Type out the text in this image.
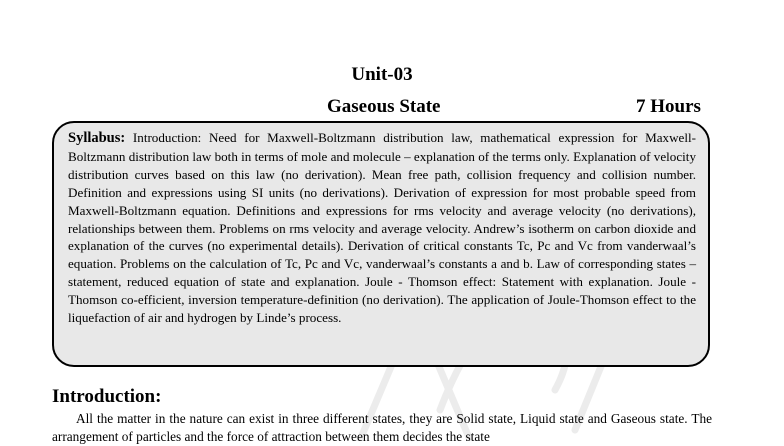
Unit-03
Gaseous State	7 Hours

Syllabus: Introduction: Need for Maxwell-Boltzmann distribution law, mathematical expression for Maxwell-Boltzmann distribution law both in terms of mole and molecule – explanation of the terms only. Explanation of velocity distribution curves based on this law (no derivation). Mean free path, collision frequency and collision number. Definition and expressions using SI units (no derivations). Derivation of expression for most probable speed from Maxwell-Boltzmann equation. Definitions and expressions for rms velocity and average velocity (no derivations), relationships between them. Problems on rms velocity and average velocity. Andrew’s isotherm on carbon dioxide and explanation of the curves (no experimental details). Derivation of critical constants Tc, Pc and Vc from vanderwaal’s equation. Problems on the calculation of Tc, Pc and Vc, vanderwaal’s constants a and b. Law of corresponding states – statement, reduced equation of state and explanation. Joule - Thomson effect: Statement with explanation. Joule - Thomson co-efficient, inversion temperature-definition (no derivation). The application of Joule-Thomson effect to the liquefaction of air and hydrogen by Linde’s process.

Introduction:

All the matter in the nature can exist in three different states, they are Solid state, Liquid state and Gaseous state. The arrangement of particles and the force of attraction between them decides the state
